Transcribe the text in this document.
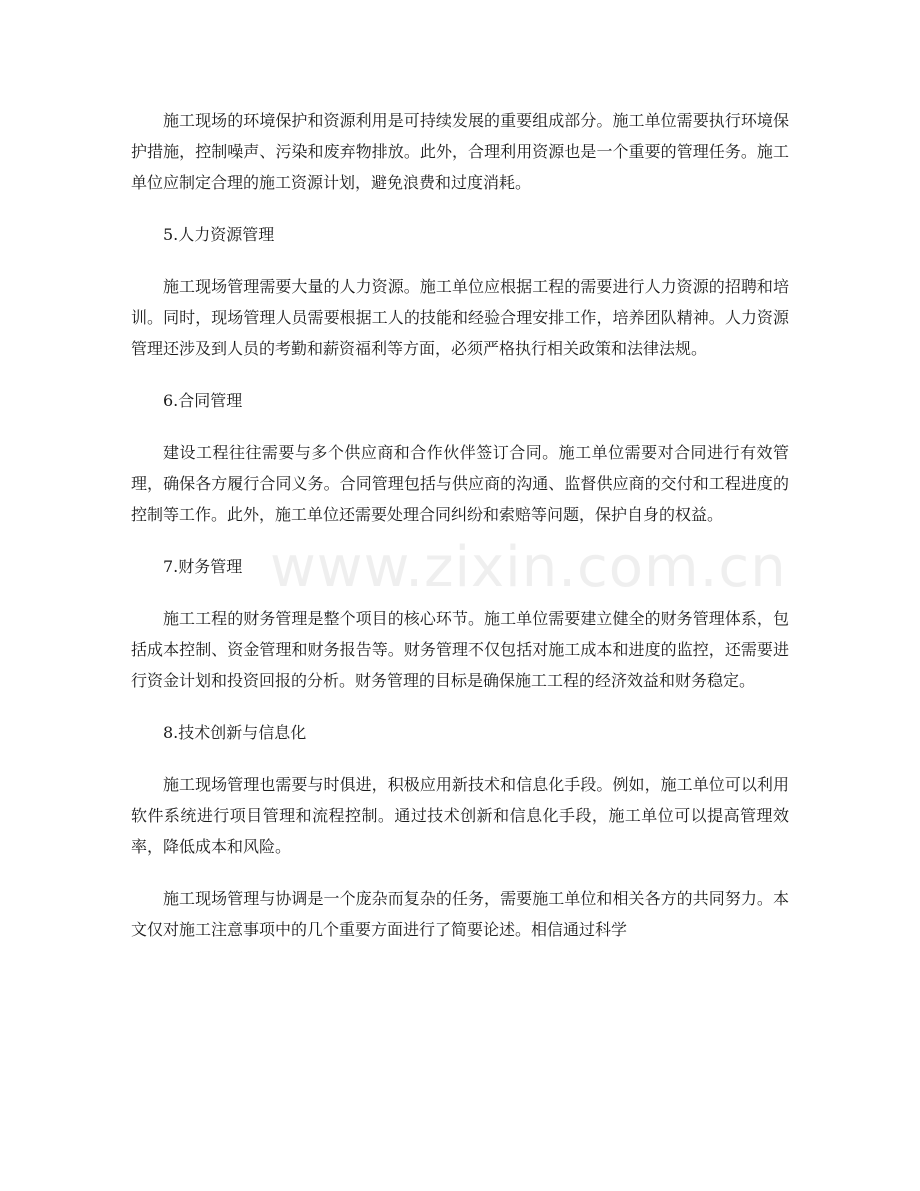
施工现场的环境保护和资源利用是可持续发展的重要组成部分。施工单位需要执行环境保护措施，控制噪声、污染和废弃物排放。此外，合理利用资源也是一个重要的管理任务。施工单位应制定合理的施工资源计划，避免浪费和过度消耗。

5.人力资源管理

施工现场管理需要大量的人力资源。施工单位应根据工程的需要进行人力资源的招聘和培训。同时，现场管理人员需要根据工人的技能和经验合理安排工作，培养团队精神。人力资源管理还涉及到人员的考勤和薪资福利等方面，必须严格执行相关政策和法律法规。

6.合同管理

建设工程往往需要与多个供应商和合作伙伴签订合同。施工单位需要对合同进行有效管理，确保各方履行合同义务。合同管理包括与供应商的沟通、监督供应商的交付和工程进度的控制等工作。此外，施工单位还需要处理合同纠纷和索赔等问题，保护自身的权益。

7.财务管理

施工工程的财务管理是整个项目的核心环节。施工单位需要建立健全的财务管理体系，包括成本控制、资金管理和财务报告等。财务管理不仅包括对施工成本和进度的监控，还需要进行资金计划和投资回报的分析。财务管理的目标是确保施工工程的经济效益和财务稳定。

8.技术创新与信息化

施工现场管理也需要与时俱进，积极应用新技术和信息化手段。例如，施工单位可以利用软件系统进行项目管理和流程控制。通过技术创新和信息化手段，施工单位可以提高管理效率，降低成本和风险。

施工现场管理与协调是一个庞杂而复杂的任务，需要施工单位和相关各方的共同努力。本文仅对施工注意事项中的几个重要方面进行了简要论述。相信通过科学

www.zixin.com.cn
